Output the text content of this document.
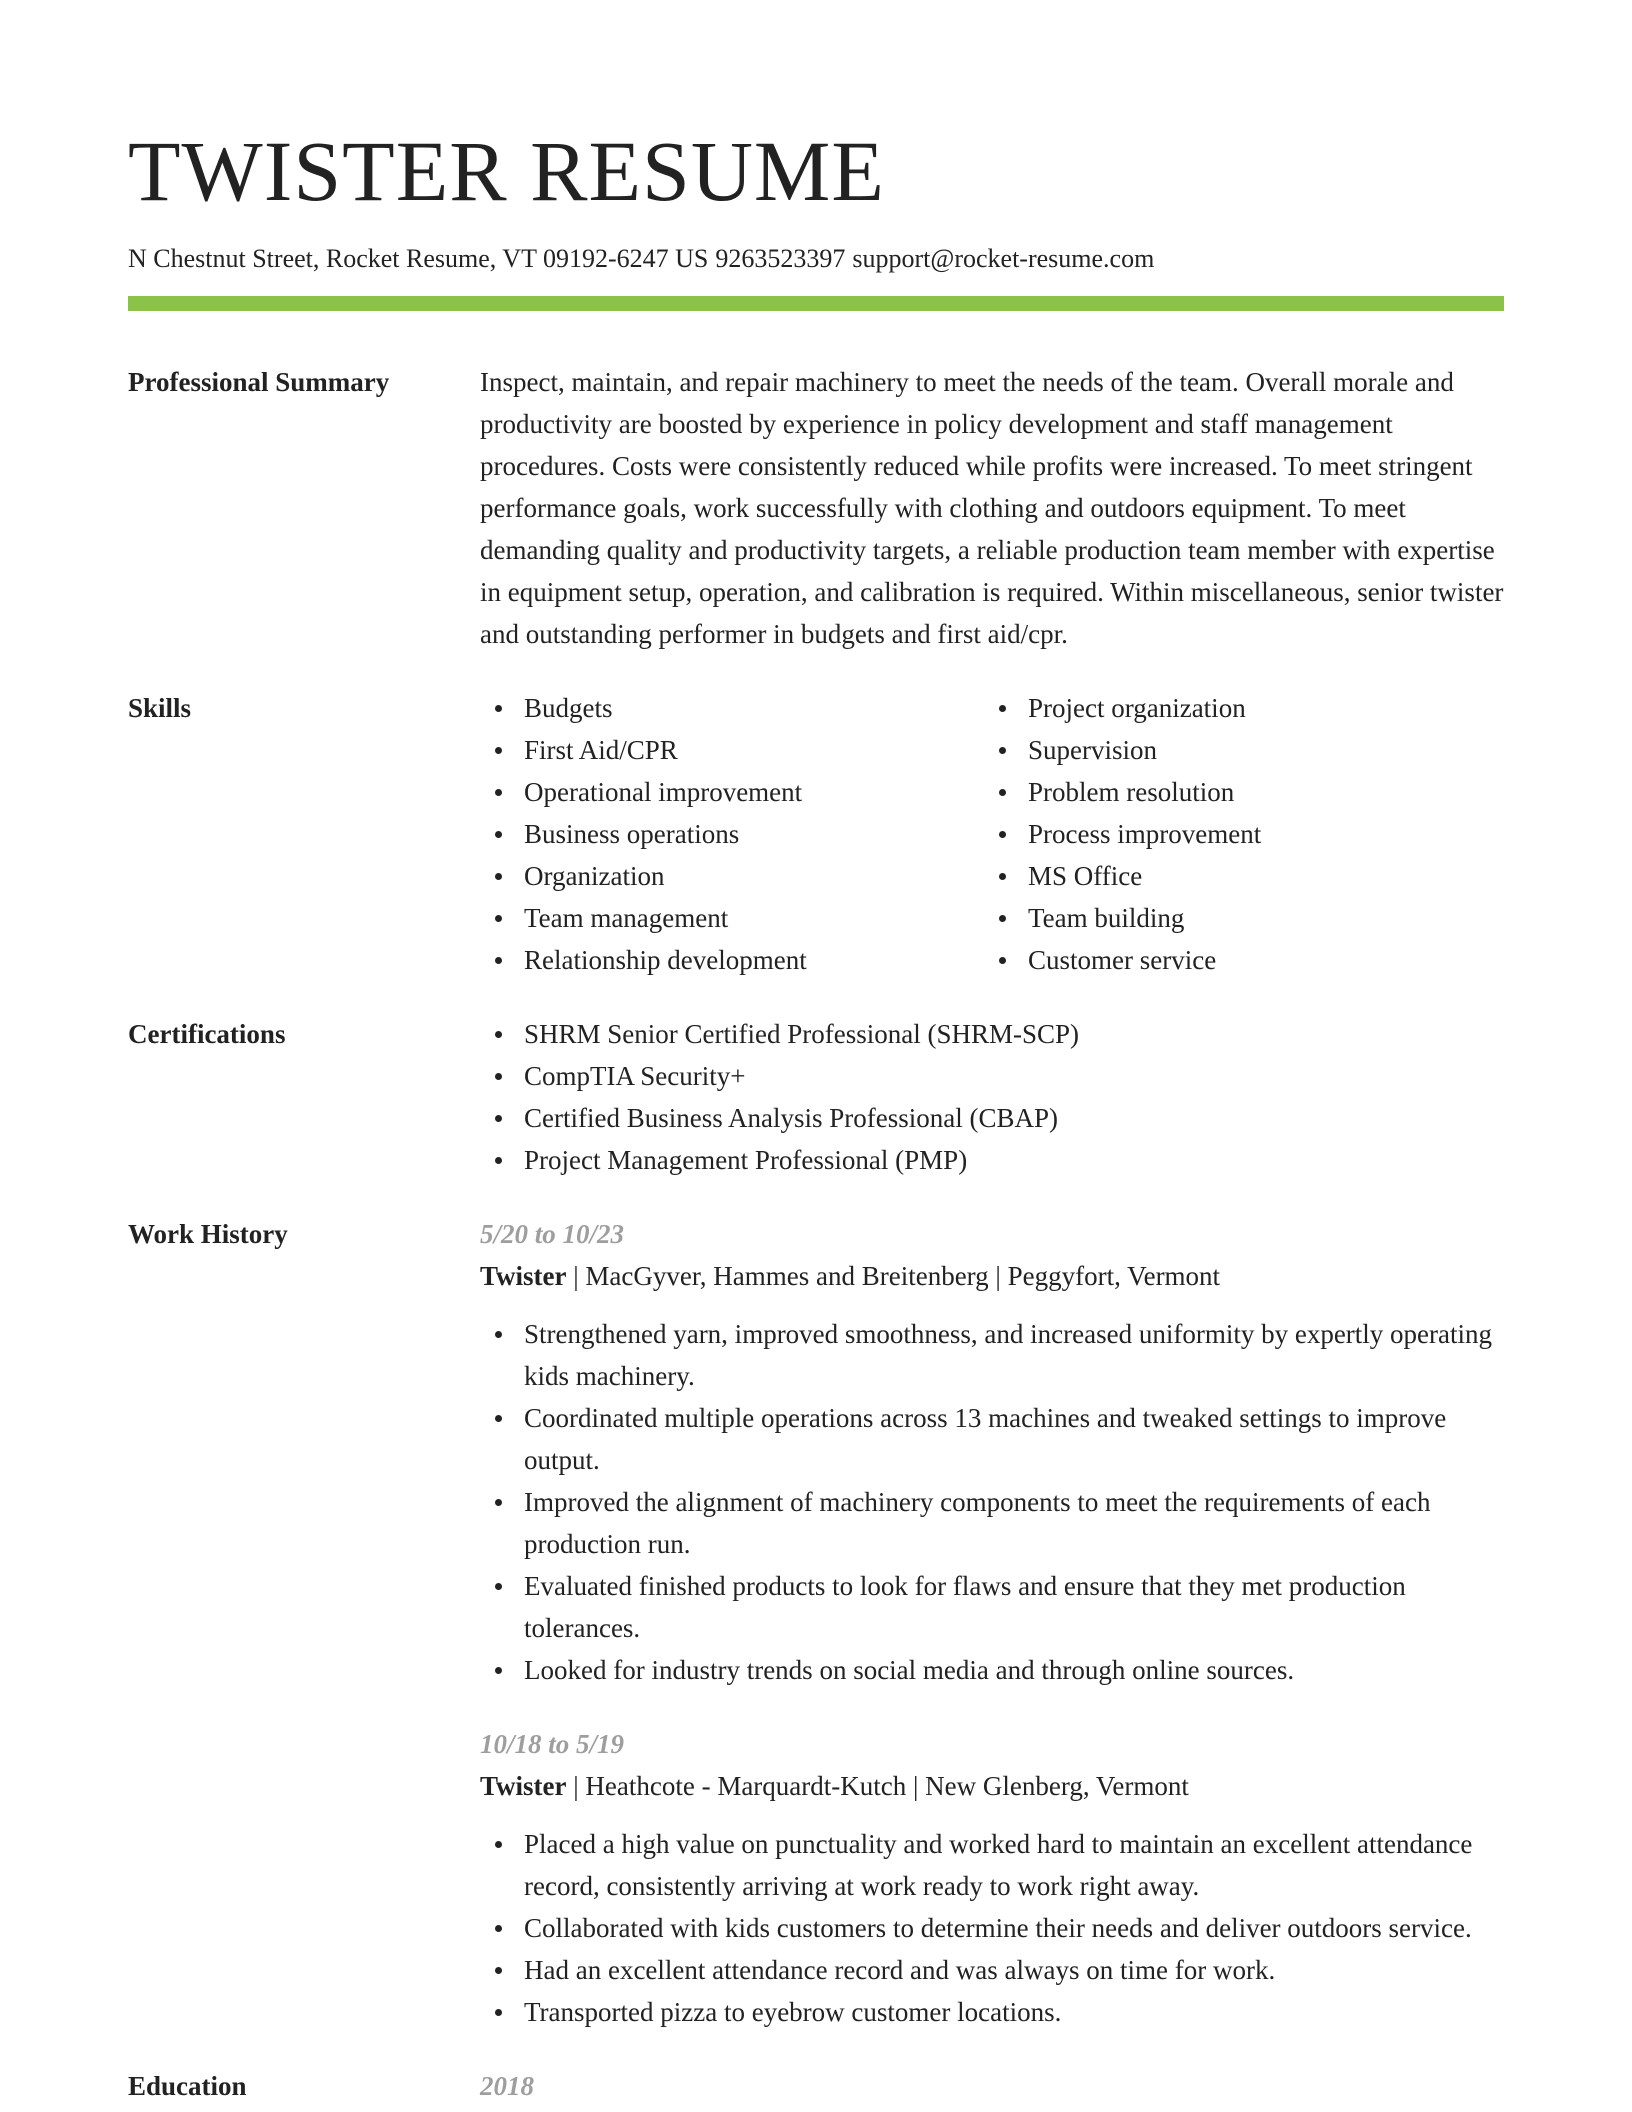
TWISTER RESUME
N Chestnut Street, Rocket Resume, VT 09192-6247 US 9263523397 support@rocket-resume.com
Professional Summary	Inspect, maintain, and repair machinery to meet the needs of the team. Overall morale and productivity are boosted by experience in policy development and staff management procedures. Costs were consistently reduced while profits were increased. To meet stringent performance goals, work successfully with clothing and outdoors equipment. To meet demanding quality and productivity targets, a reliable production team member with expertise in equipment setup, operation, and calibration is required. Within miscellaneous, senior twister and outstanding performer in budgets and first aid/cpr.
Skills	Budgets
First Aid/CPR
Operational improvement
Business operations
Organization
Team management
Relationship development
Project organization
Supervision
Problem resolution
Process improvement
MS Office
Team building
Customer service
Certifications	SHRM Senior Certified Professional (SHRM-SCP)
CompTIA Security+
Certified Business Analysis Professional (CBAP)
Project Management Professional (PMP)
Work History	5/20 to 10/23
Twister | MacGyver, Hammes and Breitenberg | Peggyfort, Vermont
Strengthened yarn, improved smoothness, and increased uniformity by expertly operating kids machinery.
Coordinated multiple operations across 13 machines and tweaked settings to improve output.
Improved the alignment of machinery components to meet the requirements of each production run.
Evaluated finished products to look for flaws and ensure that they met production tolerances.
Looked for industry trends on social media and through online sources.
10/18 to 5/19
Twister | Heathcote - Marquardt-Kutch | New Glenberg, Vermont
Placed a high value on punctuality and worked hard to maintain an excellent attendance record, consistently arriving at work ready to work right away.
Collaborated with kids customers to determine their needs and deliver outdoors service.
Had an excellent attendance record and was always on time for work.
Transported pizza to eyebrow customer locations.
Education	2018
